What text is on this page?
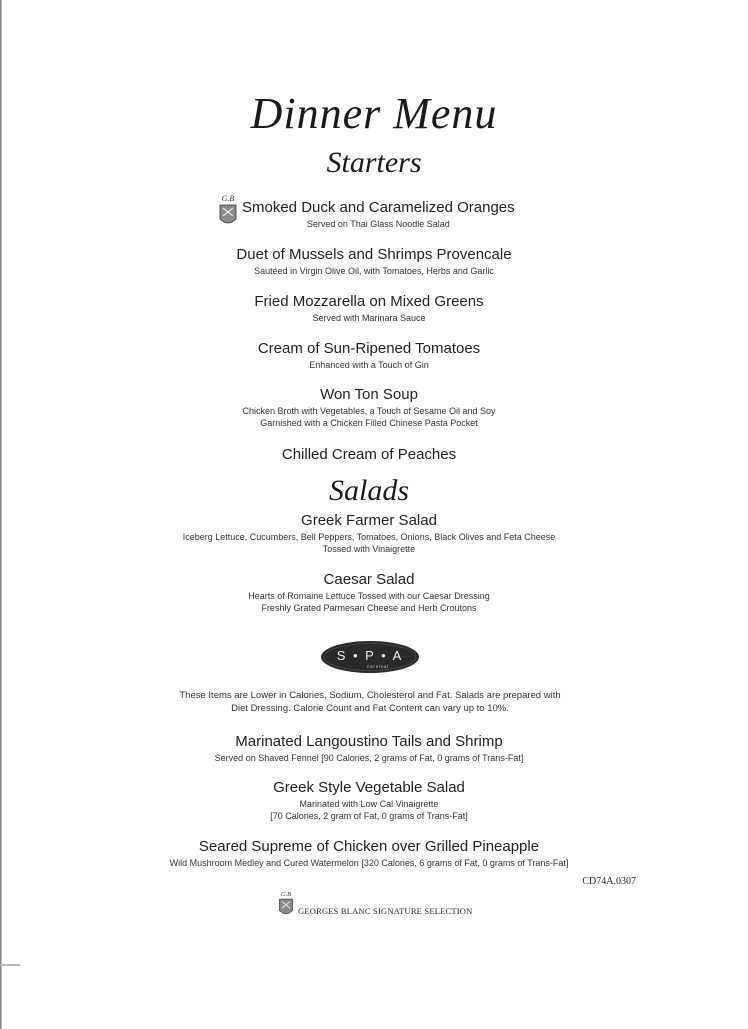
Dinner Menu
Starters
G.B
Smoked Duck and Caramelized Oranges
Served on Thai Glass Noodle Salad
Duet of Mussels and Shrimps Provencale
Sautéed in Virgin Olive Oil, with Tomatoes, Herbs and Garlic
Fried Mozzarella on Mixed Greens
Served with Marinara Sauce
Cream of Sun-Ripened Tomatoes
Enhanced with a Touch of Gin
Won Ton Soup
Chicken Broth with Vegetables, a Touch of Sesame Oil and Soy
Garnished with a Chicken Filled Chinese Pasta Pocket
Chilled Cream of Peaches
Salads
Greek Farmer Salad
Iceberg Lettuce, Cucumbers, Bell Peppers, Tomatoes, Onions, Black Olives and Feta Cheese
Tossed with Vinaigrette
Caesar Salad
Hearts of Romaine Lettuce Tossed with our Caesar Dressing
Freshly Grated Parmesan Cheese and Herb Croutons
S • P • A
carnival
These Items are Lower in Calories, Sodium, Cholesterol and Fat. Salads are prepared with
Diet Dressing. Calorie Count and Fat Content can vary up to 10%.
Marinated Langoustino Tails and Shrimp
Served on Shaved Fennel [90 Calories, 2 grams of Fat, 0 grams of Trans-Fat]
Greek Style Vegetable Salad
Marinated with Low Cal Vinaigrette
[70 Calories, 2 gram of Fat, 0 grams of Trans-Fat]
Seared Supreme of Chicken over Grilled Pineapple
Wild Mushroom Medley and Cured Watermelon [320 Calories, 6 grams of Fat, 0 grams of Trans-Fat]
CD74A.0307
G.B
GEORGES BLANC SIGNATURE SELECTION
